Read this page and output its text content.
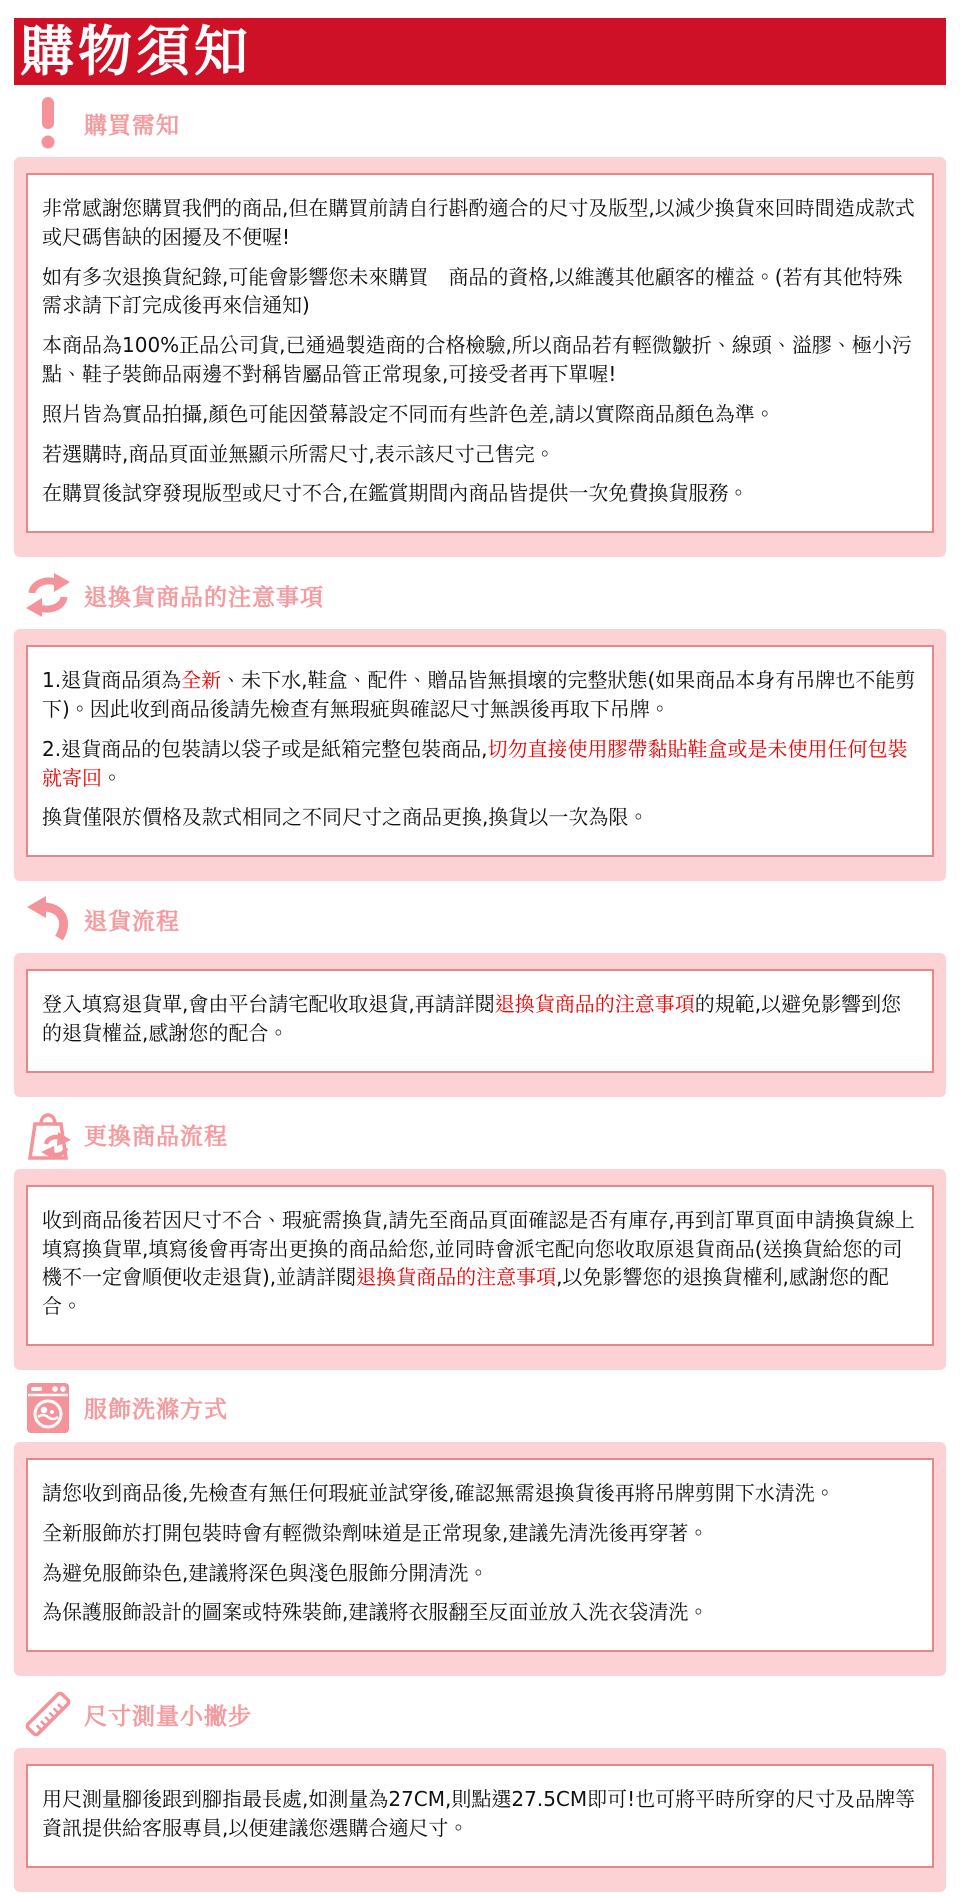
購物須知
購買需知

非常感謝您購買我們的商品,但在購買前請自行斟酌適合的尺寸及版型,以減少換貨來回時間造成款式或尺碼售缺的困擾及不便喔!

如有多次退換貨紀錄,可能會影響您未來購買　商品的資格,以維護其他顧客的權益。(若有其他特殊需求請下訂完成後再來信通知)

本商品為100%正品公司貨,已通過製造商的合格檢驗,所以商品若有輕微皺折、線頭、溢膠、極小污點、鞋子裝飾品兩邊不對稱皆屬品管正常現象,可接受者再下單喔!

照片皆為實品拍攝,顏色可能因螢幕設定不同而有些許色差,請以實際商品顏色為準。

若選購時,商品頁面並無顯示所需尺寸,表示該尺寸己售完。

在購買後試穿發現版型或尺寸不合,在鑑賞期間內商品皆提供一次免費換貨服務。

退換貨商品的注意事項

1.退貨商品須為全新、未下水,鞋盒、配件、贈品皆無損壞的完整狀態(如果商品本身有吊牌也不能剪下)。因此收到商品後請先檢查有無瑕疵與確認尺寸無誤後再取下吊牌。

2.退貨商品的包裝請以袋子或是紙箱完整包裝商品,切勿直接使用膠帶黏貼鞋盒或是未使用任何包裝就寄回。

換貨僅限於價格及款式相同之不同尺寸之商品更換,換貨以一次為限。

退貨流程

登入填寫退貨單,會由平台請宅配收取退貨,再請詳閱退換貨商品的注意事項的規範,以避免影響到您的退貨權益,感謝您的配合。

更換商品流程

收到商品後若因尺寸不合、瑕疵需換貨,請先至商品頁面確認是否有庫存,再到訂單頁面申請換貨線上填寫換貨單,填寫後會再寄出更換的商品給您,並同時會派宅配向您收取原退貨商品(送換貨給您的司機不一定會順便收走退貨),並請詳閱退換貨商品的注意事項,以免影響您的退換貨權利,感謝您的配合。

服飾洗滌方式

請您收到商品後,先檢查有無任何瑕疵並試穿後,確認無需退換貨後再將吊牌剪開下水清洗。

全新服飾於打開包裝時會有輕微染劑味道是正常現象,建議先清洗後再穿著。

為避免服飾染色,建議將深色與淺色服飾分開清洗。

為保護服飾設計的圖案或特殊裝飾,建議將衣服翻至反面並放入洗衣袋清洗。

尺寸測量小撇步

用尺測量腳後跟到腳指最長處,如測量為27CM,則點選27.5CM即可!也可將平時所穿的尺寸及品牌等資訊提供給客服專員,以便建議您選購合適尺寸。
